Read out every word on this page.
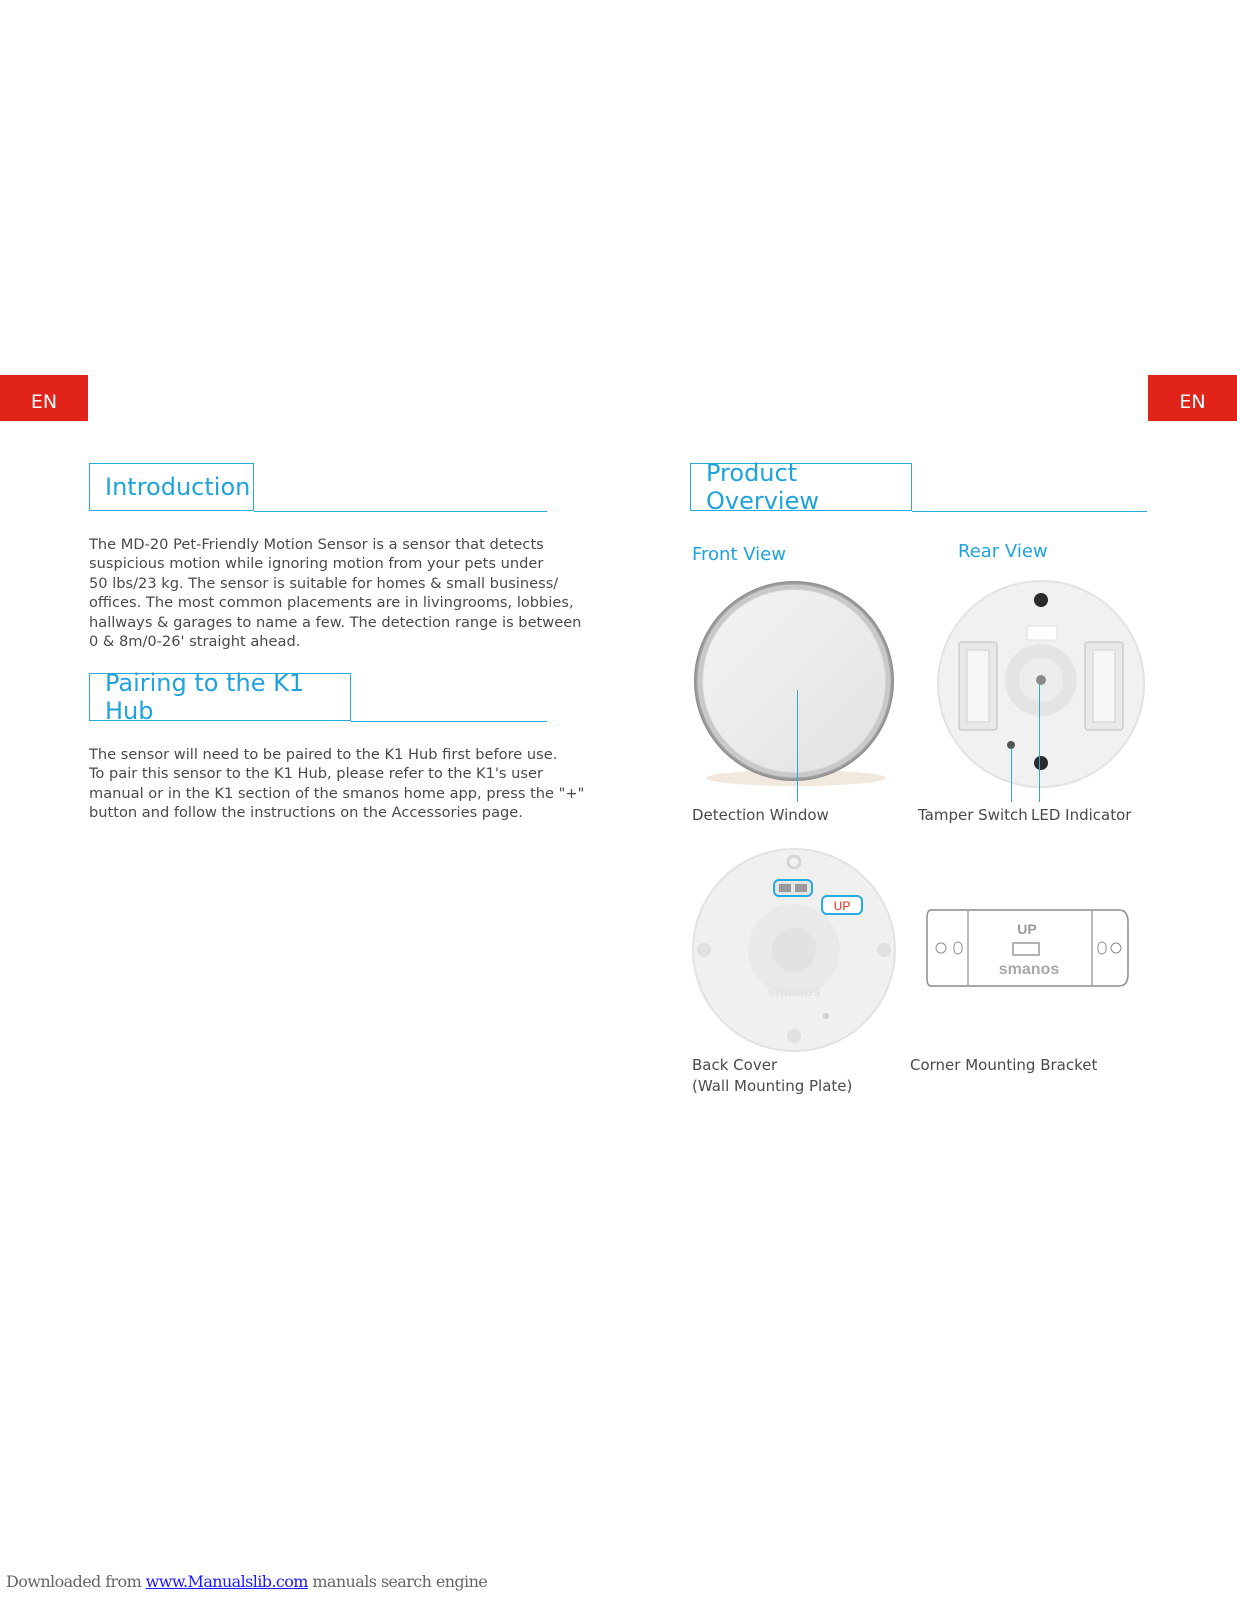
EN	EN
Introduction
The MD-20 Pet-Friendly Motion Sensor is a sensor that detects
suspicious motion while ignoring motion from your pets under
50 lbs/23 kg. The sensor is suitable for homes & small business/
offices. The most common placements are in livingrooms, lobbies,
hallways & garages to name a few. The detection range is between
0 & 8m/0-26' straight ahead.
Pairing to the K1 Hub
The sensor will need to be paired to the K1 Hub first before use.
To pair this sensor to the K1 Hub, please refer to the K1's user
manual or in the K1 section of the smanos home app, press the "+"
button and follow the instructions on the Accessories page.
Product Overview
Front View	Rear View
Detection Window	Tamper Switch LED Indicator
UP
smanos
UP
smanos
Back Cover
(Wall Mounting Plate)
Corner Mounting Bracket
Downloaded from www.Manualslib.com manuals search engine
